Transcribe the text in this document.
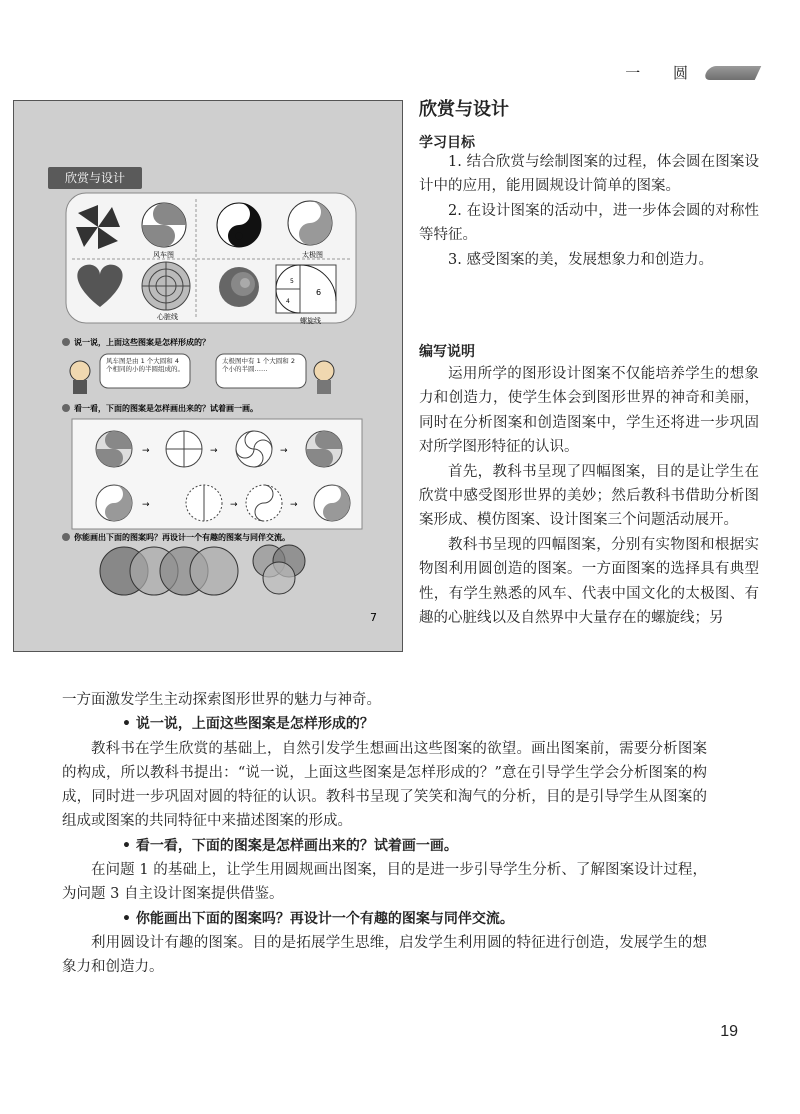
一 圆
风车图	太极图
心脏线
6
4
5
螺旋线
说一说，上面这些图案是怎样形成的？
风车图是由 1 个大圆和 4 个相同的小的半圆组成的。
太极图中有 1 个大圆和 2 个小的半圆……
看一看，下面的图案是怎样画出来的？试着画一画。
→	→	→
→	→	→
你能画出下面的图案吗？再设计一个有趣的图案与同伴交流。
7
欣赏与设计
欣赏与设计
学习目标

1. 结合欣赏与绘制图案的过程，体会圆在图案设计中的应用，能用圆规设计简单的图案。

2. 在设计图案的活动中，进一步体会圆的对称性等特征。

3. 感受图案的美，发展想象力和创造力。

编写说明

运用所学的图形设计图案不仅能培养学生的想象力和创造力，使学生体会到图形世界的神奇和美丽，同时在分析图案和创造图案中，学生还将进一步巩固对所学图形特征的认识。

首先，教科书呈现了四幅图案，目的是让学生在欣赏中感受图形世界的美妙；然后教科书借助分析图案形成、模仿图案、设计图案三个问题活动展开。

教科书呈现的四幅图案，分别有实物图和根据实物图利用圆创造的图案。一方面图案的选择具有典型性，有学生熟悉的风车、代表中国文化的太极图、有趣的心脏线以及自然界中大量存在的螺旋线；另

一方面激发学生主动探索图形世界的魅力与神奇。

• 说一说，上面这些图案是怎样形成的？

教科书在学生欣赏的基础上，自然引发学生想画出这些图案的欲望。画出图案前，需要分析图案的构成，所以教科书提出：“说一说，上面这些图案是怎样形成的？”意在引导学生学会分析图案的构成，同时进一步巩固对圆的特征的认识。教科书呈现了笑笑和淘气的分析，目的是引导学生从图案的组成或图案的共同特征中来描述图案的形成。

• 看一看，下面的图案是怎样画出来的？试着画一画。

在问题 1 的基础上，让学生用圆规画出图案，目的是进一步引导学生分析、了解图案设计过程，为问题 3 自主设计图案提供借鉴。

• 你能画出下面的图案吗？再设计一个有趣的图案与同伴交流。

利用圆设计有趣的图案。目的是拓展学生思维，启发学生利用圆的特征进行创造，发展学生的想象力和创造力。

19
